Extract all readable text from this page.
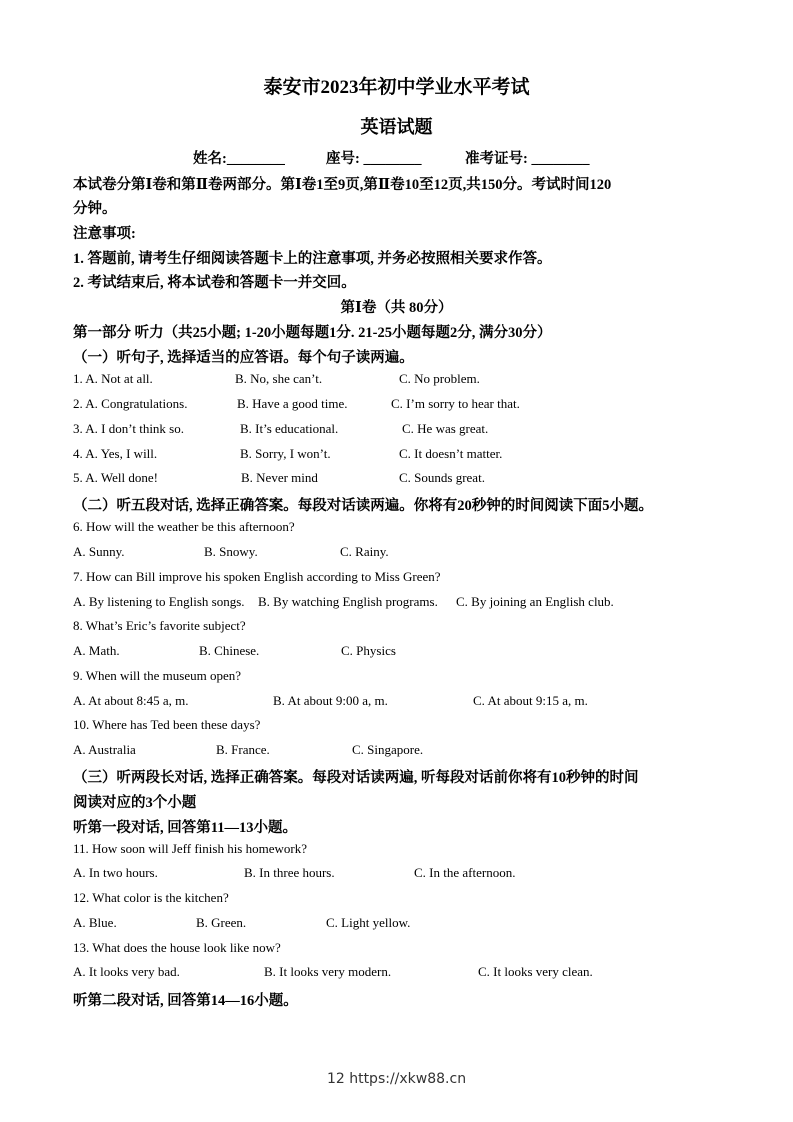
泰安市2023年初中学业水平考试
英语试题
姓名:________	座号: ________	准考证号: ________
本试卷分第Ⅰ卷和第Ⅱ卷两部分。第Ⅰ卷1至9页,第Ⅱ卷10至12页,共150分。考试时间120
分钟。
注意事项:
1. 答题前, 请考生仔细阅读答题卡上的注意事项, 并务必按照相关要求作答。
2. 考试结束后, 将本试卷和答题卡一并交回。
第Ⅰ卷（共 80分）
第一部分 听力（共25小题; 1-20小题每题1分. 21-25小题每题2分, 满分30分）
（一）听句子, 选择适当的应答语。每个句子读两遍。
1. A. Not at all.	B. No, she can’t.	C. No problem.
2. A. Congratulations.	B. Have a good time.	C. I’m sorry to hear that.
3. A. I don’t think so.	B. It’s educational.	C. He was great.
4. A. Yes, I will.	B. Sorry, I won’t.	C. It doesn’t matter.
5. A. Well done!	B. Never mind	C. Sounds great.
（二）听五段对话, 选择正确答案。每段对话读两遍。你将有20秒钟的时间阅读下面5小题。
6. How will the weather be this afternoon?
A. Sunny.	B. Snowy.	C. Rainy.
7. How can Bill improve his spoken English according to Miss Green?
A. By listening to English songs. B. By watching English programs. C. By joining an English club.
8. What’s Eric’s favorite subject?
A. Math.	B. Chinese.	C. Physics
9. When will the museum open?
A. At about 8:45 a, m.	B. At about 9:00 a, m.	C. At about 9:15 a, m.
10. Where has Ted been these days?
A. Australia	B. France.	C. Singapore.
（三）听两段长对话, 选择正确答案。每段对话读两遍, 听每段对话前你将有10秒钟的时间
阅读对应的3个小题
听第一段对话, 回答第11—13小题。
11. How soon will Jeff finish his homework?
A. In two hours.	B. In three hours.	C. In the afternoon.
12. What color is the kitchen?
A. Blue.	B. Green.	C. Light yellow.
13. What does the house look like now?
A. It looks very bad.	B. It looks very modern.	C. It looks very clean.
听第二段对话, 回答第14—16小题。
12 https://xkw88.cn
